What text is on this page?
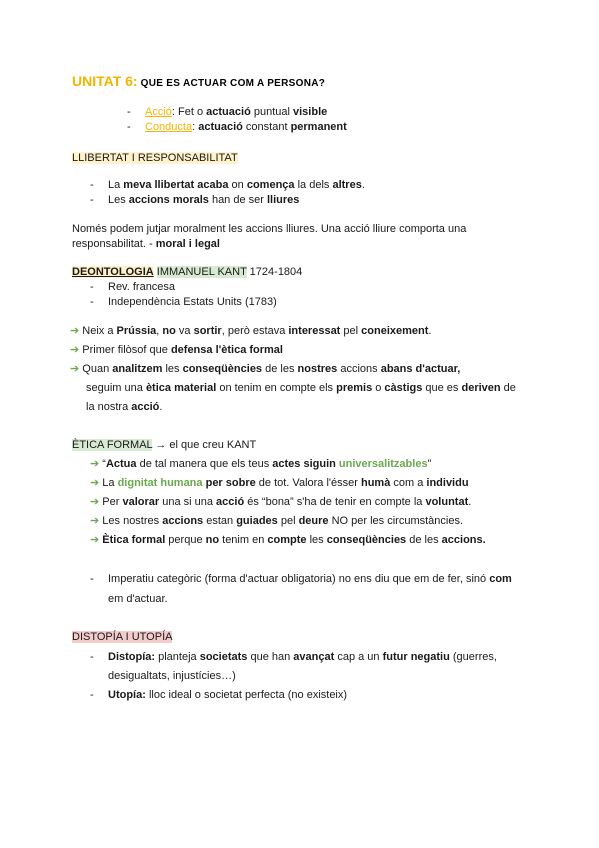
UNITAT 6: QUE ES ACTUAR COM A PERSONA?
- Acció: Fet o actuació puntual visible
- Conducta: actuació constant permanent
LLIBERTAT I RESPONSABILITAT
- La meva llibertat acaba on comença la dels altres.
- Les accions morals han de ser lliures
Només podem jutjar moralment les accions lliures. Una acció lliure comporta una
responsabilitat. - moral i legal
DEONTOLOGIA IMMANUEL KANT 1724-1804
- Rev. francesa
- Independència Estats Units (1783)
➔ Neix a Prússia, no va sortir, però estava interessat pel coneixement.
➔ Primer filòsof que defensa l'ètica formal
➔ Quan analitzem les conseqüències de les nostres accions abans d'actuar,
seguim una ètica material on tenim en compte els premis o càstigs que es deriven de
la nostra acció.
ÈTICA FORMAL → el que creu KANT
➔ “Actua de tal manera que els teus actes siguin universalitzables”
➔ La dignitat humana per sobre de tot. Valora l'ésser humà com a individu
➔ Per valorar una si una acció és “bona” s'ha de tenir en compte la voluntat.
➔ Les nostres accions estan guiades pel deure NO per les circumstàncies.
➔ Ètica formal perque no tenim en compte les conseqüències de les accions.
- Imperatiu categòric (forma d'actuar obligatoria) no ens diu que em de fer, sinó com
em d'actuar.
DISTOPÍA I UTOPÍA
- Distopía: planteja societats que han avançat cap a un futur negatiu (guerres,
desigualtats, injustícies…)
- Utopía: lloc ideal o societat perfecta (no existeix)
